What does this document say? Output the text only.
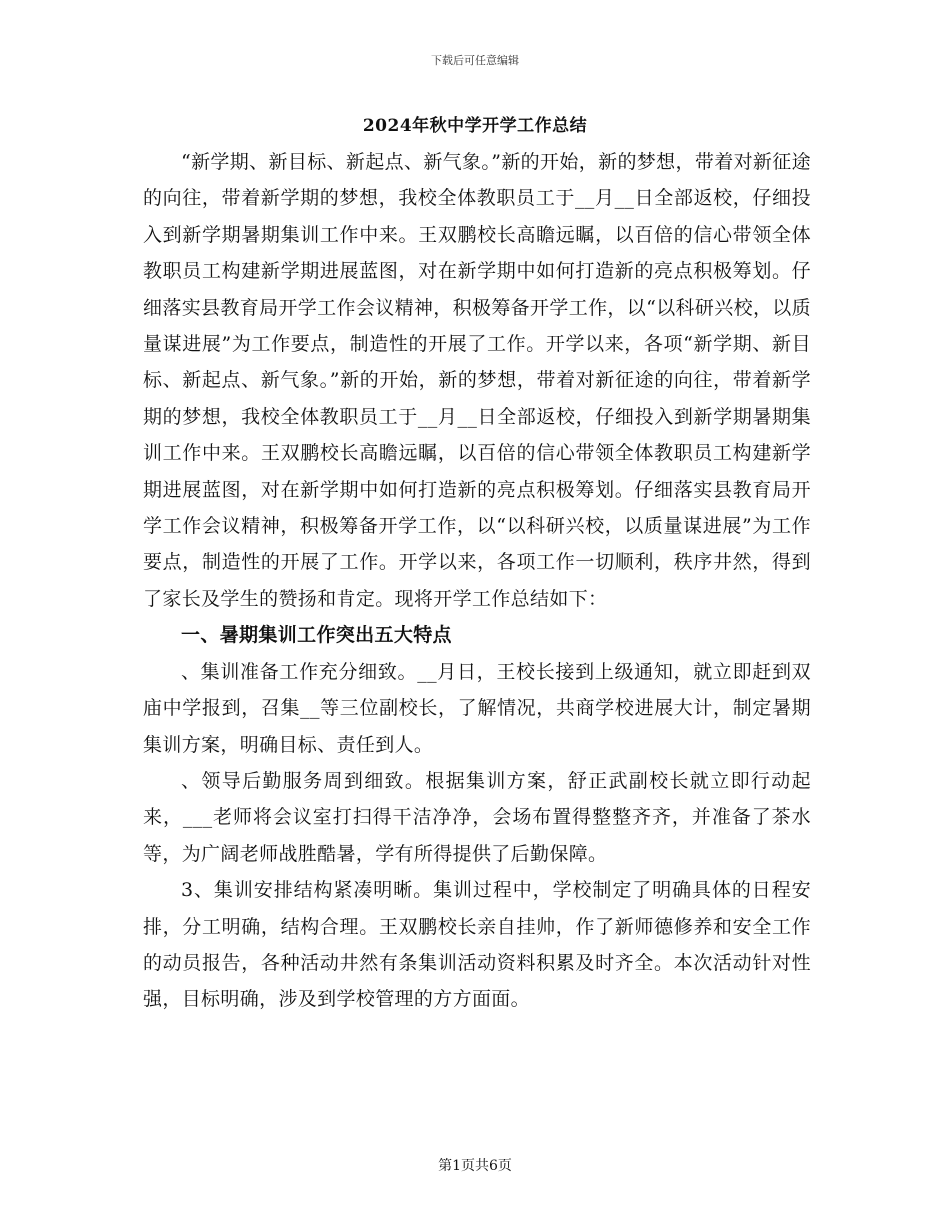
下载后可任意编辑
2024年秋中学开学工作总结

“新学期、新目标、新起点、新气象。”新的开始，新的梦想，带着对新征途的向往，带着新学期的梦想，我校全体教职员工于__月__日全部返校，仔细投入到新学期暑期集训工作中来。王双鹏校长高瞻远瞩，以百倍的信心带领全体教职员工构建新学期进展蓝图，对在新学期中如何打造新的亮点积极筹划。仔细落实县教育局开学工作会议精神，积极筹备开学工作，以“以科研兴校，以质量谋进展”为工作要点，制造性的开展了工作。开学以来，各项“新学期、新目标、新起点、新气象。”新的开始，新的梦想，带着对新征途的向往，带着新学期的梦想，我校全体教职员工于__月__日全部返校，仔细投入到新学期暑期集训工作中来。王双鹏校长高瞻远瞩，以百倍的信心带领全体教职员工构建新学期进展蓝图，对在新学期中如何打造新的亮点积极筹划。仔细落实县教育局开学工作会议精神，积极筹备开学工作，以“以科研兴校，以质量谋进展”为工作要点，制造性的开展了工作。开学以来，各项工作一切顺利，秩序井然，得到了家长及学生的赞扬和肯定。现将开学工作总结如下：

一、暑期集训工作突出五大特点

、集训准备工作充分细致。__月日，王校长接到上级通知，就立即赶到双庙中学报到，召集__等三位副校长，了解情况，共商学校进展大计，制定暑期集训方案，明确目标、责任到人。

、领导后勤服务周到细致。根据集训方案，舒正武副校长就立即行动起来，___老师将会议室打扫得干洁净净，会场布置得整整齐齐，并准备了茶水等，为广阔老师战胜酷暑，学有所得提供了后勤保障。

3、集训安排结构紧凑明晰。集训过程中，学校制定了明确具体的日程安排，分工明确，结构合理。王双鹏校长亲自挂帅，作了新师德修养和安全工作的动员报告，各种活动井然有条集训活动资料积累及时齐全。本次活动针对性强，目标明确，涉及到学校管理的方方面面。

第1页共6页
